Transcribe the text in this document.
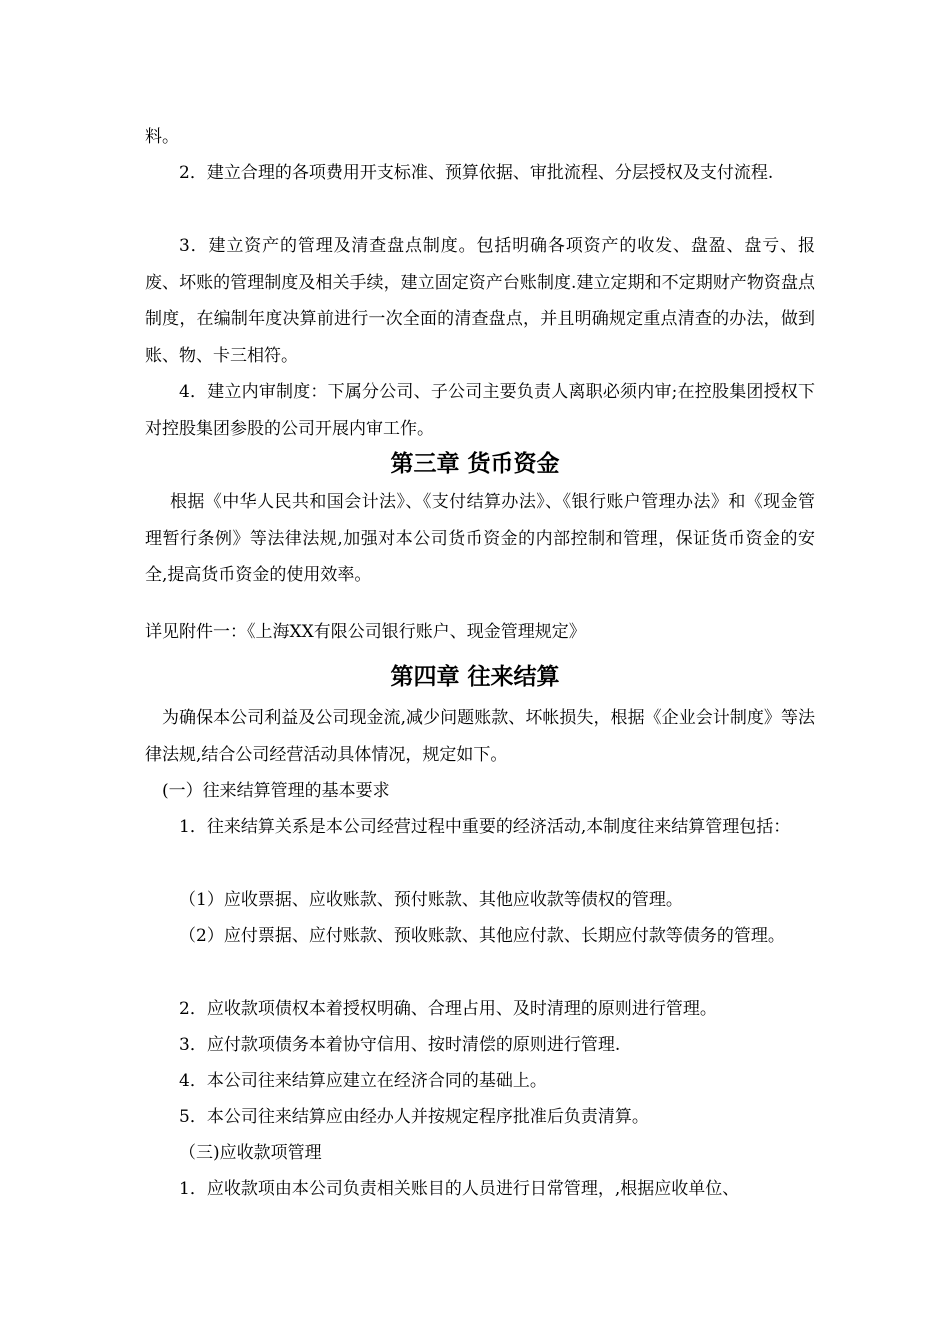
料。

2．建立合理的各项费用开支标准、预算依据、审批流程、分层授权及支付流程.

3．建立资产的管理及清查盘点制度。包括明确各项资产的收发、盘盈、盘亏、报废、坏账的管理制度及相关手续，建立固定资产台账制度.建立定期和不定期财产物资盘点制度，在编制年度决算前进行一次全面的清查盘点，并且明确规定重点清查的办法，做到账、物、卡三相符。

4．建立内审制度：下属分公司、子公司主要负责人离职必须内审;在控股集团授权下对控股集团参股的公司开展内审工作。

第三章 货币资金

根据《中华人民共和国会计法》、《支付结算办法》、《银行账户管理办法》和《现金管理暂行条例》等法律法规,加强对本公司货币资金的内部控制和管理，保证货币资金的安全,提高货币资金的使用效率。

详见附件一：《上海XX有限公司银行账户、现金管理规定》

第四章 往来结算

为确保本公司利益及公司现金流,减少问题账款、坏帐损失，根据《企业会计制度》等法律法规,结合公司经营活动具体情况，规定如下。

(一）往来结算管理的基本要求

1．往来结算关系是本公司经营过程中重要的经济活动,本制度往来结算管理包括：

（1）应收票据、应收账款、预付账款、其他应收款等债权的管理。

（2）应付票据、应付账款、预收账款、其他应付款、长期应付款等债务的管理。

2．应收款项债权本着授权明确、合理占用、及时清理的原则进行管理。

3．应付款项债务本着协守信用、按时清偿的原则进行管理.

4．本公司往来结算应建立在经济合同的基础上。

5．本公司往来结算应由经办人并按规定程序批准后负责清算。

（三)应收款项管理

1．应收款项由本公司负责相关账目的人员进行日常管理，,根据应收单位、
